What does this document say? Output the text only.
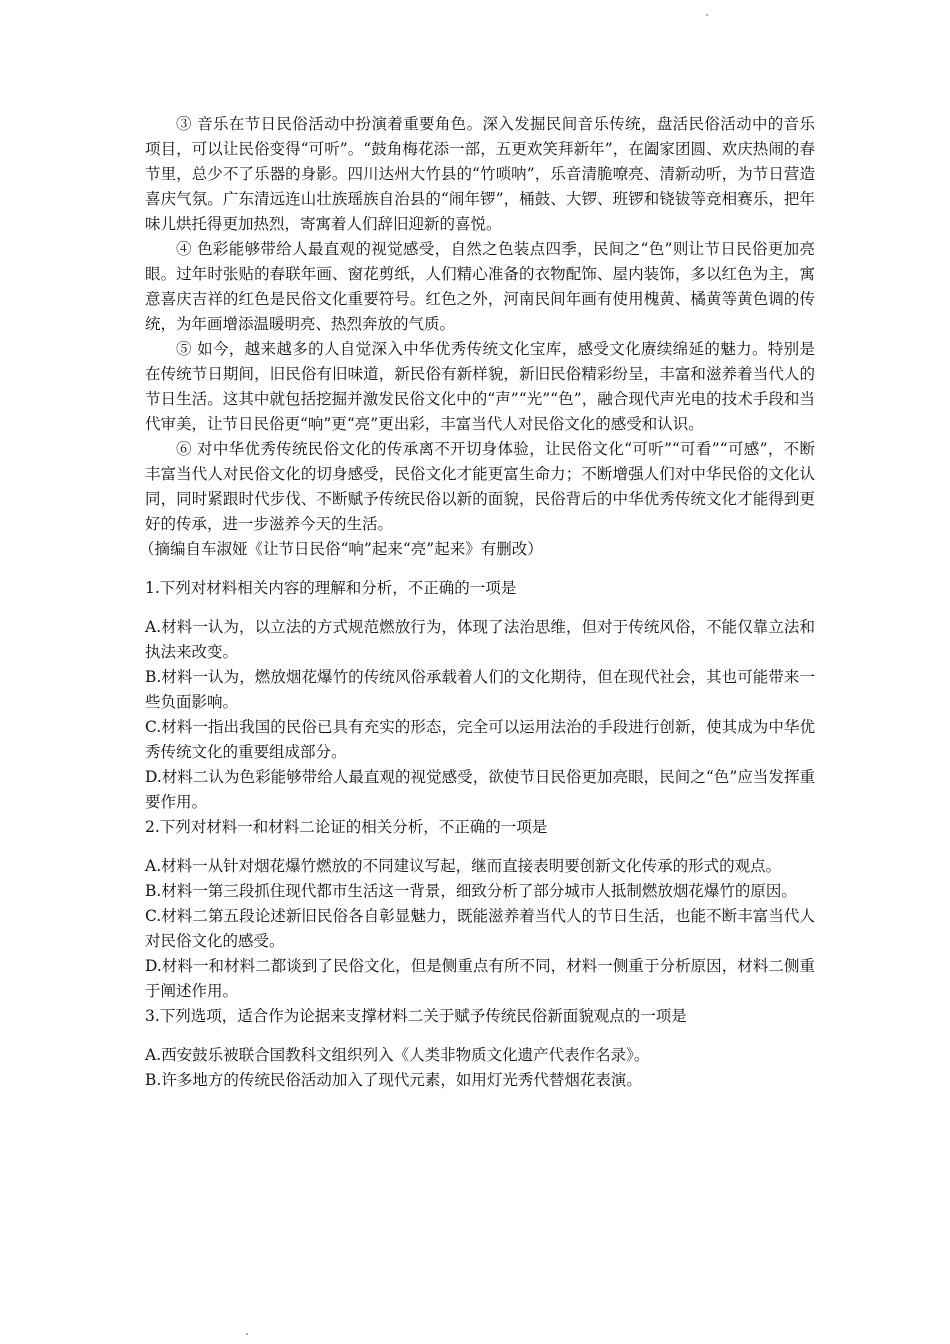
③ 音乐在节日民俗活动中扮演着重要角色。深入发掘民间音乐传统，盘活民俗活动中的音乐项目，可以让民俗变得“可听”。“鼓角梅花添一部，五更欢笑拜新年”，在阖家团圆、欢庆热闹的春节里，总少不了乐器的身影。四川达州大竹县的“竹唢呐”，乐音清脆嘹亮、清新动听，为节日营造喜庆气氛。广东清远连山壮族瑶族自治县的“闹年锣”，桶鼓、大锣、班锣和铙钹等竞相赛乐，把年味儿烘托得更加热烈，寄寓着人们辞旧迎新的喜悦。

④ 色彩能够带给人最直观的视觉感受，自然之色装点四季，民间之“色”则让节日民俗更加亮眼。过年时张贴的春联年画、窗花剪纸，人们精心准备的衣物配饰、屋内装饰，多以红色为主，寓意喜庆吉祥的红色是民俗文化重要符号。红色之外，河南民间年画有使用槐黄、橘黄等黄色调的传统，为年画增添温暖明亮、热烈奔放的气质。

⑤ 如今，越来越多的人自觉深入中华优秀传统文化宝库，感受文化赓续绵延的魅力。特别是在传统节日期间，旧民俗有旧味道，新民俗有新样貌，新旧民俗精彩纷呈，丰富和滋养着当代人的节日生活。这其中就包括挖掘并激发民俗文化中的“声”“光”“色”，融合现代声光电的技术手段和当代审美，让节日民俗更“响”更“亮”更出彩，丰富当代人对民俗文化的感受和认识。

⑥ 对中华优秀传统民俗文化的传承离不开切身体验，让民俗文化“可听”“可看”“可感”，不断丰富当代人对民俗文化的切身感受，民俗文化才能更富生命力；不断增强人们对中华民俗的文化认同，同时紧跟时代步伐、不断赋予传统民俗以新的面貌，民俗背后的中华优秀传统文化才能得到更好的传承，进一步滋养今天的生活。

（摘编自车淑娅《让节日民俗“响”起来“亮”起来》有删改）

1.下列对材料相关内容的理解和分析，不正确的一项是

A.材料一认为，以立法的方式规范燃放行为，体现了法治思维，但对于传统风俗，不能仅靠立法和执法来改变。

B.材料一认为，燃放烟花爆竹的传统风俗承载着人们的文化期待，但在现代社会，其也可能带来一些负面影响。

C.材料一指出我国的民俗已具有充实的形态，完全可以运用法治的手段进行创新，使其成为中华优秀传统文化的重要组成部分。

D.材料二认为色彩能够带给人最直观的视觉感受，欲使节日民俗更加亮眼，民间之“色”应当发挥重要作用。

2.下列对材料一和材料二论证的相关分析，不正确的一项是

A.材料一从针对烟花爆竹燃放的不同建议写起，继而直接表明要创新文化传承的形式的观点。

B.材料一第三段抓住现代都市生活这一背景，细致分析了部分城市人抵制燃放烟花爆竹的原因。

C.材料二第五段论述新旧民俗各自彰显魅力，既能滋养着当代人的节日生活，也能不断丰富当代人对民俗文化的感受。

D.材料一和材料二都谈到了民俗文化，但是侧重点有所不同，材料一侧重于分析原因，材料二侧重于阐述作用。

3.下列选项，适合作为论据来支撑材料二关于赋予传统民俗新面貌观点的一项是

A.西安鼓乐被联合国教科文组织列入《人类非物质文化遗产代表作名录》。

B.许多地方的传统民俗活动加入了现代元素，如用灯光秀代替烟花表演。
